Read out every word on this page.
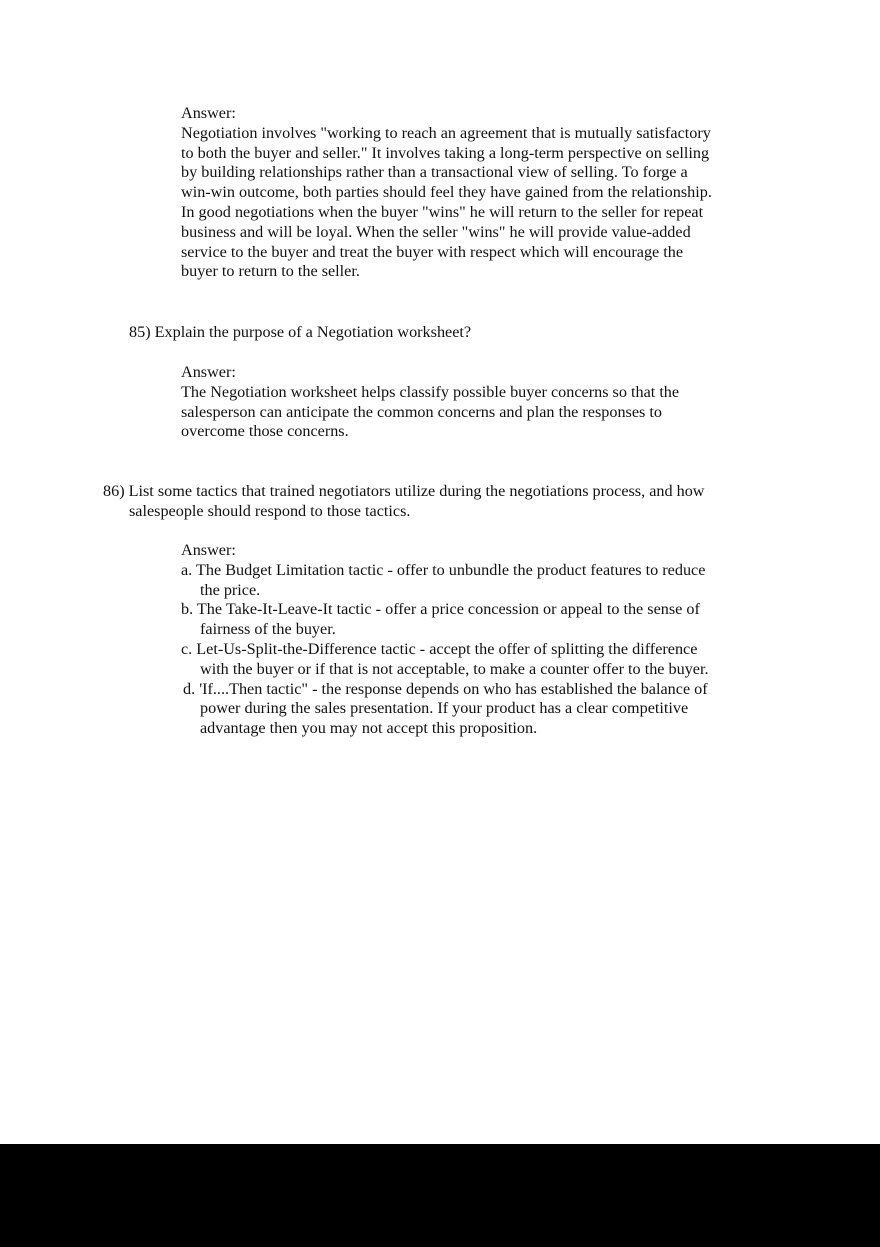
Answer:
Negotiation involves "working to reach an agreement that is mutually satisfactory
to both the buyer and seller." It involves taking a long-term perspective on selling
by building relationships rather than a transactional view of selling. To forge a
win-win outcome, both parties should feel they have gained from the relationship.
In good negotiations when the buyer "wins" he will return to the seller for repeat
business and will be loyal. When the seller "wins" he will provide value-added
service to the buyer and treat the buyer with respect which will encourage the
buyer to return to the seller.
85) Explain the purpose of a Negotiation worksheet?
Answer:
The Negotiation worksheet helps classify possible buyer concerns so that the
salesperson can anticipate the common concerns and plan the responses to
overcome those concerns.
86) List some tactics that trained negotiators utilize during the negotiations process, and how
salespeople should respond to those tactics.
Answer:
a. The Budget Limitation tactic - offer to unbundle the product features to reduce
the price.
b. The Take-It-Leave-It tactic - offer a price concession or appeal to the sense of
fairness of the buyer.
c. Let-Us-Split-the-Difference tactic - accept the offer of splitting the difference
with the buyer or if that is not acceptable, to make a counter offer to the buyer.
d. 'If....Then tactic" - the response depends on who has established the balance of
power during the sales presentation. If your product has a clear competitive
advantage then you may not accept this proposition.
